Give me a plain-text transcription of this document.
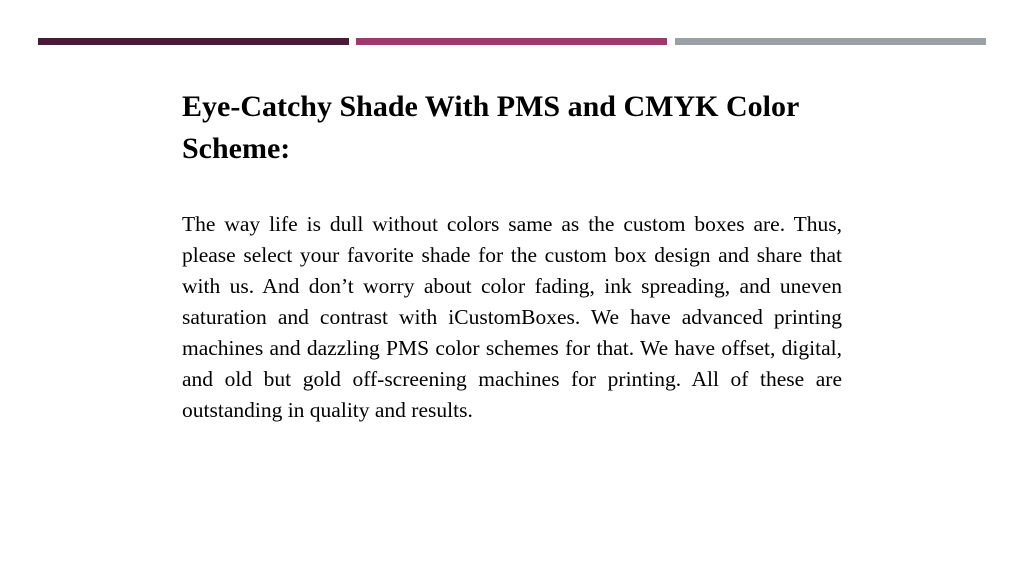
Eye-Catchy Shade With PMS and CMYK Color Scheme:

The way life is dull without colors same as the custom boxes are. Thus, please select your favorite shade for the custom box design and share that with us. And don’t worry about color fading, ink spreading, and uneven saturation and contrast with iCustomBoxes. We have advanced printing machines and dazzling PMS color schemes for that. We have offset, digital, and old but gold off-screening machines for printing. All of these are outstanding in quality and results.
